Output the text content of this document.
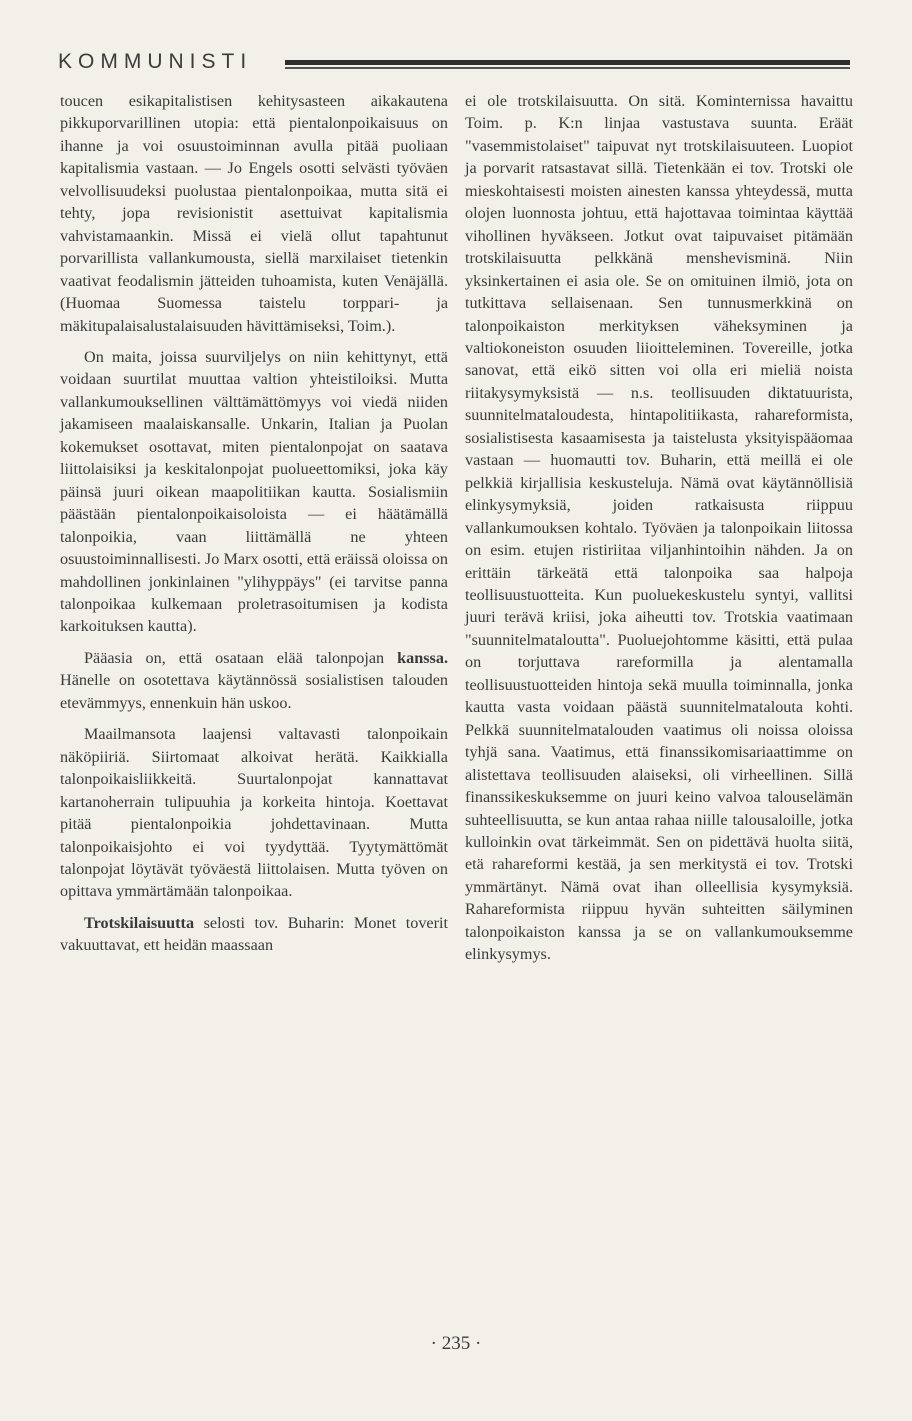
KOMMUNISTI

toucen esikapitalistisen kehitysasteen aikakautena pikkuporvarillinen utopia: että pientalonpoikaisuus on ihanne ja voi osuustoiminnan avulla pitää puoliaan kapitalismia vastaan. — Jo Engels osotti selvästi työväen velvollisuudeksi puolustaa pientalonpoikaa, mutta sitä ei tehty, jopa revisionistit asettuivat kapitalismia vahvistamaankin. Missä ei vielä ollut tapahtunut porvarillista vallankumousta, siellä marxilaiset tietenkin vaativat feodalismin jätteiden tuhoamista, kuten Venäjällä. (Huomaa Suomessa taistelu torppari- ja mäkitupalaisalustalaisuuden hävittämiseksi, Toim.).

On maita, joissa suurviljelys on niin kehittynyt, että voidaan suurtilat muuttaa valtion yhteistiloiksi. Mutta vallankumouksellinen välttämättömyys voi viedä niiden jakamiseen maalaiskansalle. Unkarin, Italian ja Puolan kokemukset osottavat, miten pientalonpojat on saatava liittolaisiksi ja keskitalonpojat puolueettomiksi, joka käy päinsä juuri oikean maapolitiikan kautta. Sosialismiin päästään pientalonpoikaisoloista — ei häätämällä talonpoikia, vaan liittämällä ne yhteen osuustoiminnallisesti. Jo Marx osotti, että eräissä oloissa on mahdollinen jonkinlainen "ylihyppäys" (ei tarvitse panna talonpoikaa kulkemaan proletrasoitumisen ja kodista karkoituksen kautta).

Pääasia on, että osataan elää talonpojan kanssa. Hänelle on osotettava käytännössä sosialistisen talouden etevämmyys, ennenkuin hän uskoo.

Maailmansota laajensi valtavasti talonpoikain näköpiiriä. Siirtomaat alkoivat herätä. Kaikkialla talonpoikaisliikkeitä. Suurtalonpojat kannattavat kartanoherrain tulipuuhia ja korkeita hintoja. Koettavat pitää pientalonpoikia johdettavinaan. Mutta talonpoikaisjohto ei voi tyydyttää. Tyytymättömät talonpojat löytävät työväestä liittolaisen. Mutta työven on opittava ymmärtämään talonpoikaa.

Trotskilaisuutta selosti tov. Buharin: Monet toverit vakuuttavat, ett heidän maassaan

ei ole trotskilaisuutta. On sitä. Kominternissa havaittu Toim. p. K:n linjaa vastustava suunta. Eräät "vasemmistolaiset" taipuvat nyt trotskilaisuuteen. Luopiot ja porvarit ratsastavat sillä. Tietenkään ei tov. Trotski ole mieskohtaisesti moisten ainesten kanssa yhteydessä, mutta olojen luonnosta johtuu, että hajottavaa toimintaa käyttää vihollinen hyväkseen. Jotkut ovat taipuvaiset pitämään trotskilaisuutta pelkkänä menshevisminä. Niin yksinkertainen ei asia ole. Se on omituinen ilmiö, jota on tutkittava sellaisenaan. Sen tunnusmerkkinä on talonpoikaiston merkityksen väheksyminen ja valtiokoneiston osuuden liioitteleminen. Tovereille, jotka sanovat, että eikö sitten voi olla eri mieliä noista riitakysymyksistä — n.s. teollisuuden diktatuurista, suunnitelmataloudesta, hintapolitiikasta, rahareformista, sosialistisesta kasaamisesta ja taistelusta yksityispääomaa vastaan — huomautti tov. Buharin, että meillä ei ole pelkkiä kirjallisia keskusteluja. Nämä ovat käytännöllisiä elinkysymyksiä, joiden ratkaisusta riippuu vallankumouksen kohtalo. Työväen ja talonpoikain liitossa on esim. etujen ristiriitaa viljanhintoihin nähden. Ja on erittäin tärkeätä että talonpoika saa halpoja teollisuustuotteita. Kun puoluekeskustelu syntyi, vallitsi juuri terävä kriisi, joka aiheutti tov. Trotskia vaatimaan "suunnitelmataloutta". Puoluejohtomme käsitti, että pulaa on torjuttava rareformilla ja alentamalla teollisuustuotteiden hintoja sekä muulla toiminnalla, jonka kautta vasta voidaan päästä suunnitelmatalouta kohti. Pelkkä suunnitelmatalouden vaatimus oli noissa oloissa tyhjä sana. Vaatimus, että finanssikomisariaattimme on alistettava teollisuuden alaiseksi, oli virheellinen. Sillä finanssikeskuksemme on juuri keino valvoa talouselämän suhteellisuutta, se kun antaa rahaa niille talousaloille, jotka kulloinkin ovat tärkeimmät. Sen on pidettävä huolta siitä, etä rahareformi kestää, ja sen merkitystä ei tov. Trotski ymmärtänyt. Nämä ovat ihan olleellisia kysymyksiä. Rahareformista riippuu hyvän suhteitten säilyminen talonpoikaiston kanssa ja se on vallankumouksemme elinkysymys.

· 235 ·
